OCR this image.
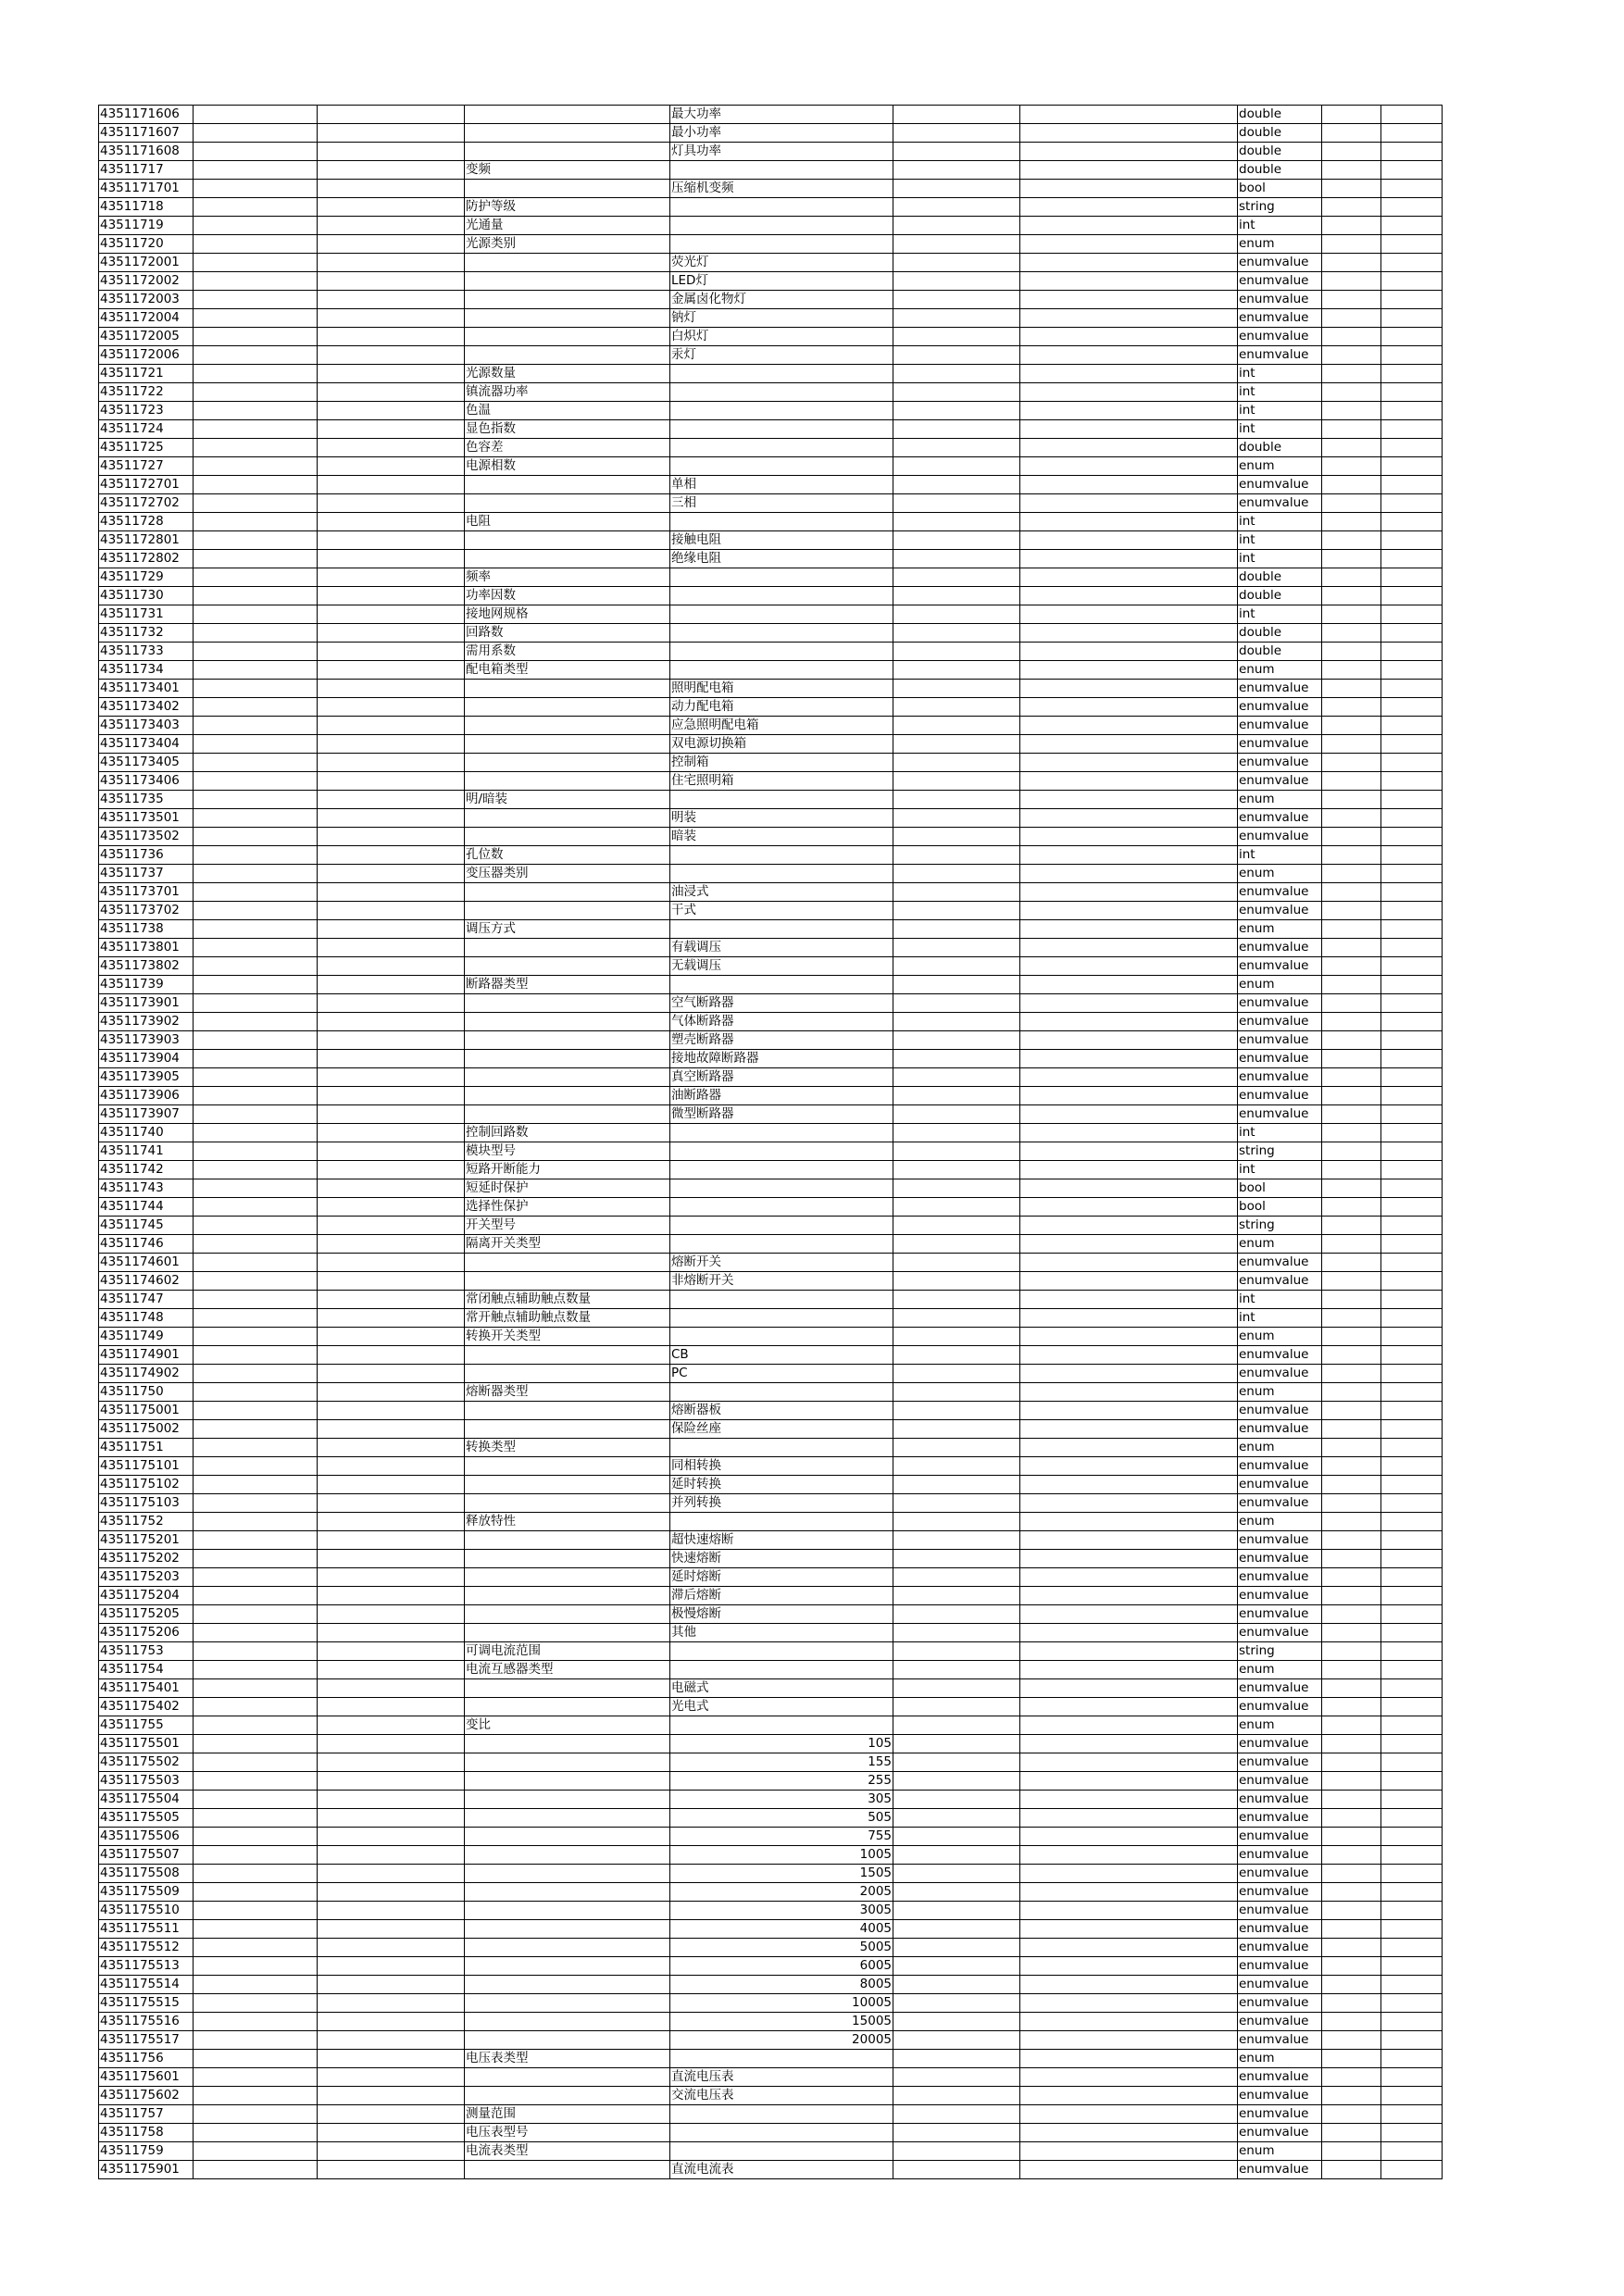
4351171606				最大功率			double		
4351171607				最小功率			double		
4351171608				灯具功率			double		
43511717			变频				double		
4351171701				压缩机变频			bool		
43511718			防护等级				string		
43511719			光通量				int		
43511720			光源类别				enum		
4351172001				荧光灯			enumvalue		
4351172002				LED灯			enumvalue		
4351172003				金属卤化物灯			enumvalue		
4351172004				钠灯			enumvalue		
4351172005				白炽灯			enumvalue		
4351172006				汞灯			enumvalue		
43511721			光源数量				int		
43511722			镇流器功率				int		
43511723			色温				int		
43511724			显色指数				int		
43511725			色容差				double		
43511727			电源相数				enum		
4351172701				单相			enumvalue		
4351172702				三相			enumvalue		
43511728			电阻				int		
4351172801				接触电阻			int		
4351172802				绝缘电阻			int		
43511729			频率				double		
43511730			功率因数				double		
43511731			接地网规格				int		
43511732			回路数				double		
43511733			需用系数				double		
43511734			配电箱类型				enum		
4351173401				照明配电箱			enumvalue		
4351173402				动力配电箱			enumvalue		
4351173403				应急照明配电箱			enumvalue		
4351173404				双电源切换箱			enumvalue		
4351173405				控制箱			enumvalue		
4351173406				住宅照明箱			enumvalue		
43511735			明/暗装				enum		
4351173501				明装			enumvalue		
4351173502				暗装			enumvalue		
43511736			孔位数				int		
43511737			变压器类别				enum		
4351173701				油浸式			enumvalue		
4351173702				干式			enumvalue		
43511738			调压方式				enum		
4351173801				有载调压			enumvalue		
4351173802				无载调压			enumvalue		
43511739			断路器类型				enum		
4351173901				空气断路器			enumvalue		
4351173902				气体断路器			enumvalue		
4351173903				塑壳断路器			enumvalue		
4351173904				接地故障断路器			enumvalue		
4351173905				真空断路器			enumvalue		
4351173906				油断路器			enumvalue		
4351173907				微型断路器			enumvalue		
43511740			控制回路数				int		
43511741			模块型号				string		
43511742			短路开断能力				int		
43511743			短延时保护				bool		
43511744			选择性保护				bool		
43511745			开关型号				string		
43511746			隔离开关类型				enum		
4351174601				熔断开关			enumvalue		
4351174602				非熔断开关			enumvalue		
43511747			常闭触点辅助触点数量				int		
43511748			常开触点辅助触点数量				int		
43511749			转换开关类型				enum		
4351174901				CB			enumvalue		
4351174902				PC			enumvalue		
43511750			熔断器类型				enum		
4351175001				熔断器板			enumvalue		
4351175002				保险丝座			enumvalue		
43511751			转换类型				enum		
4351175101				同相转换			enumvalue		
4351175102				延时转换			enumvalue		
4351175103				并列转换			enumvalue		
43511752			释放特性				enum		
4351175201				超快速熔断			enumvalue		
4351175202				快速熔断			enumvalue		
4351175203				延时熔断			enumvalue		
4351175204				滞后熔断			enumvalue		
4351175205				极慢熔断			enumvalue		
4351175206				其他			enumvalue		
43511753			可调电流范围				string		
43511754			电流互感器类型				enum		
4351175401				电磁式			enumvalue		
4351175402				光电式			enumvalue		
43511755			变比				enum		
4351175501				105			enumvalue		
4351175502				155			enumvalue		
4351175503				255			enumvalue		
4351175504				305			enumvalue		
4351175505				505			enumvalue		
4351175506				755			enumvalue		
4351175507				1005			enumvalue		
4351175508				1505			enumvalue		
4351175509				2005			enumvalue		
4351175510				3005			enumvalue		
4351175511				4005			enumvalue		
4351175512				5005			enumvalue		
4351175513				6005			enumvalue		
4351175514				8005			enumvalue		
4351175515				10005			enumvalue		
4351175516				15005			enumvalue		
4351175517				20005			enumvalue		
43511756			电压表类型				enum		
4351175601				直流电压表			enumvalue		
4351175602				交流电压表			enumvalue		
43511757			测量范围				enumvalue		
43511758			电压表型号				enumvalue		
43511759			电流表类型				enum		
4351175901				直流电流表			enumvalue		
